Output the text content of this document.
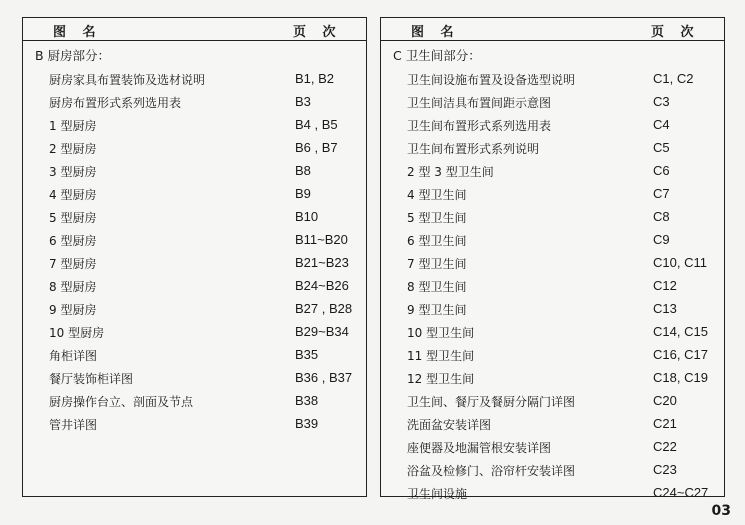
图 名	页 次
B 厨房部分：
厨房家具布置装饰及选材说明	B1, B2
厨房布置形式系列选用表	B3
1 型厨房	B4 , B5
2 型厨房	B6 , B7
3 型厨房	B8
4 型厨房	B9
5 型厨房	B10
6 型厨房	B11~B20
7 型厨房	B21~B23
8 型厨房	B24~B26
9 型厨房	B27 , B28
10 型厨房	B29~B34
角柜详图	B35
餐厅装饰柜详图	B36 , B37
厨房操作台立、剖面及节点	B38
管井详图	B39
图 名	页 次
C 卫生间部分：
卫生间设施布置及设备选型说明	C1, C2
卫生间洁具布置间距示意图	C3
卫生间布置形式系列选用表	C4
卫生间布置形式系列说明	C5
2 型 3 型卫生间	C6
4 型卫生间	C7
5 型卫生间	C8
6 型卫生间	C9
7 型卫生间	C10, C11
8 型卫生间	C12
9 型卫生间	C13
10 型卫生间	C14, C15
11 型卫生间	C16, C17
12 型卫生间	C18, C19
卫生间、餐厅及餐厨分隔门详图	C20
洗面盆安装详图	C21
座便器及地漏管根安装详图	C22
浴盆及检修门、浴帘杆安装详图	C23
卫生间设施	C24~C27
03
